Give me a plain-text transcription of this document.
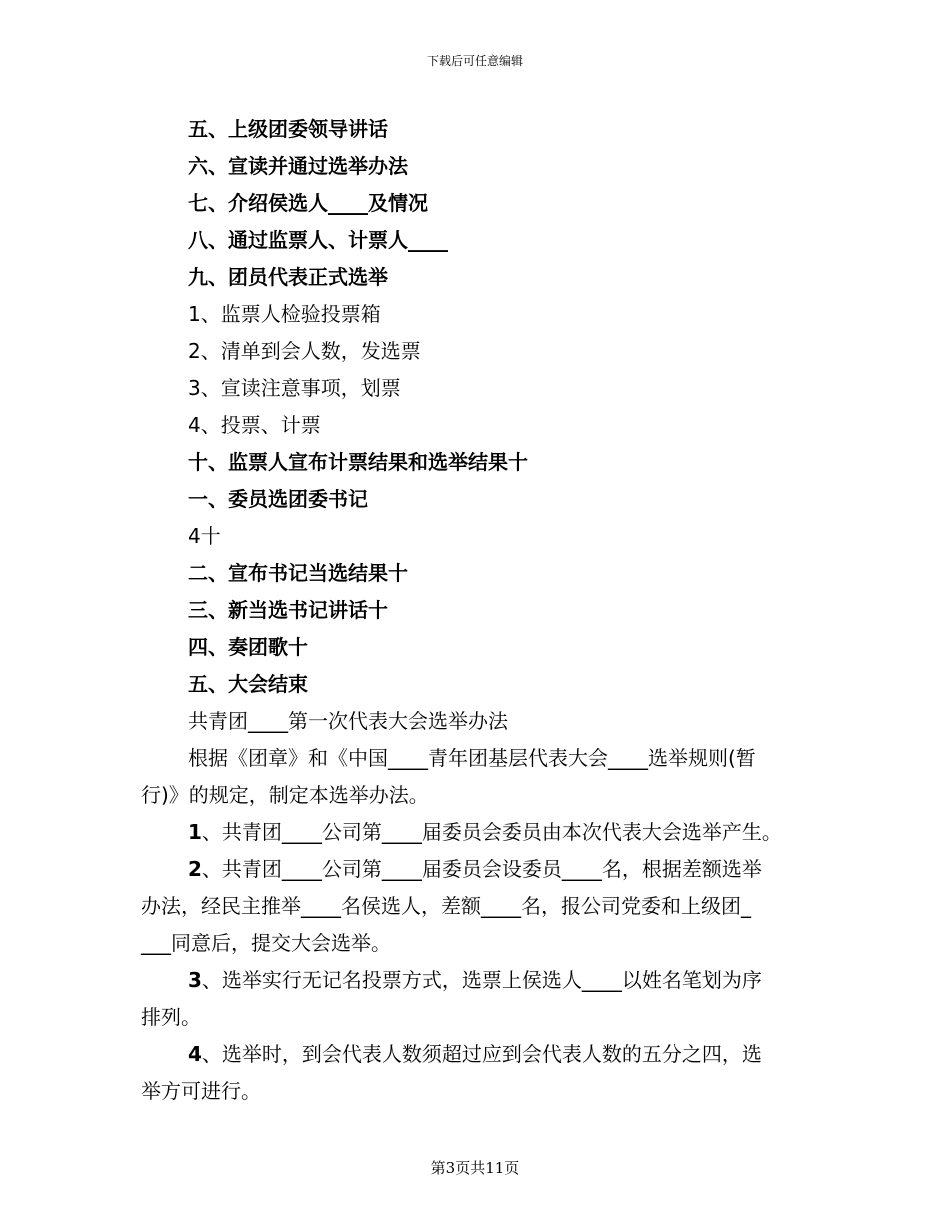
下载后可任意编辑
五、上级团委领导讲话
六、宣读并通过选举办法
七、介绍侯选人____及情况
八、通过监票人、计票人____
九、团员代表正式选举
1、监票人检验投票箱
2、清单到会人数，发选票
3、宣读注意事项，划票
4、投票、计票
十、监票人宣布计票结果和选举结果十
一、委员选团委书记
4十
二、宣布书记当选结果十
三、新当选书记讲话十
四、奏团歌十
五、大会结束
共青团____第一次代表大会选举办法
根据《团章》和《中国____青年团基层代表大会____选举规则(暂
行)》的规定，制定本选举办法。
1、共青团____公司第____届委员会委员由本次代表大会选举产生。
2、共青团____公司第____届委员会设委员____名，根据差额选举
办法，经民主推举____名侯选人，差额____名，报公司党委和上级团_
___同意后，提交大会选举。
3、选举实行无记名投票方式，选票上侯选人____以姓名笔划为序
排列。
4、选举时，到会代表人数须超过应到会代表人数的五分之四，选
举方可进行。
第3页共11页
